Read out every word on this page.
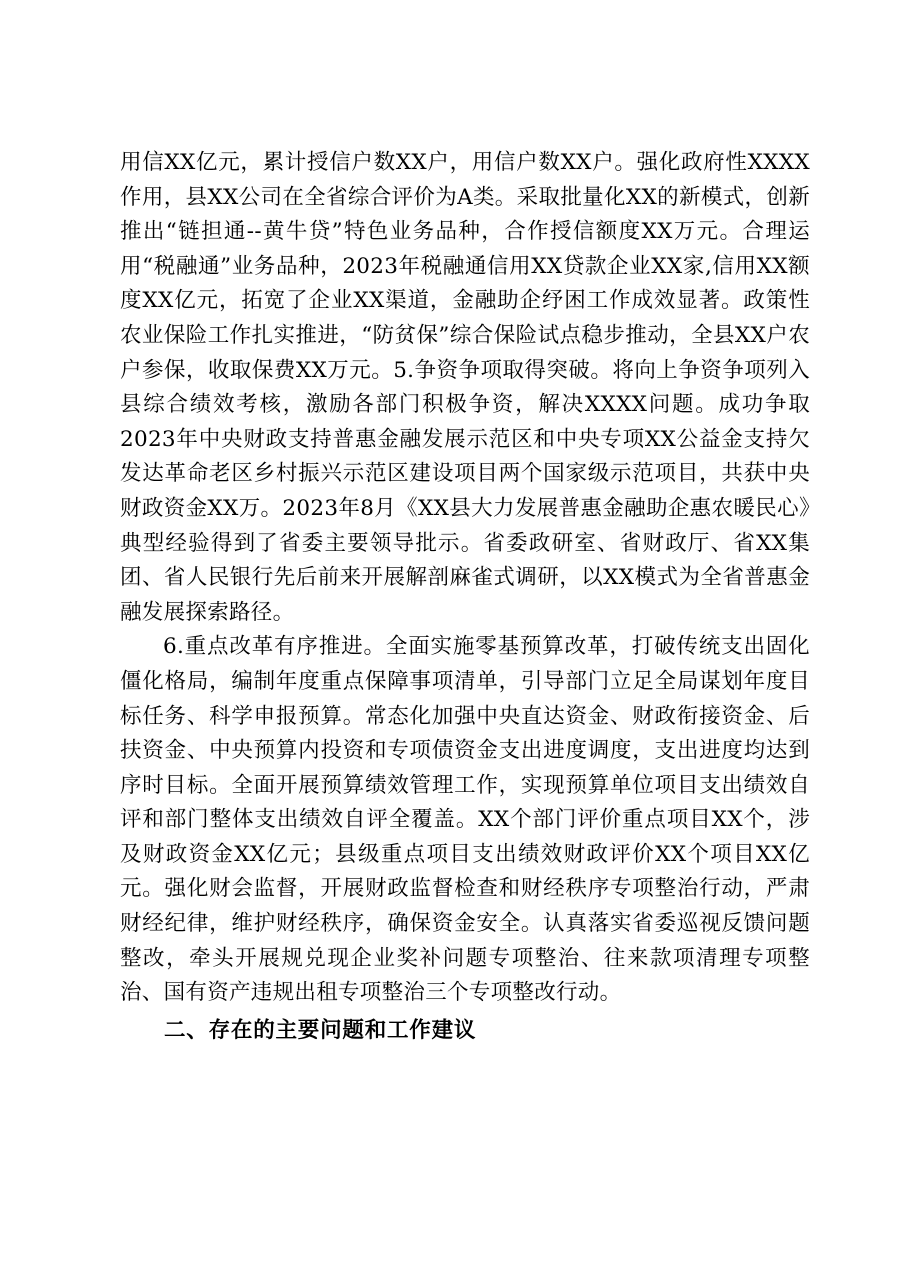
用信XX亿元，累计授信户数XX户，用信户数XX户。强化政府性XXXX作用，县XX公司在全省综合评价为A类。采取批量化XX的新模式，创新推出“链担通--黄牛贷”特色业务品种，合作授信额度XX万元。合理运用“税融通”业务品种，2023年税融通信用XX贷款企业XX家,信用XX额度XX亿元，拓宽了企业XX渠道，金融助企纾困工作成效显著。政策性农业保险工作扎实推进，“防贫保”综合保险试点稳步推动，全县XX户农户参保，收取保费XX万元。5.争资争项取得突破。将向上争资争项列入县综合绩效考核，激励各部门积极争资，解决XXXX问题。成功争取2023年中央财政支持普惠金融发展示范区和中央专项XX公益金支持欠发达革命老区乡村振兴示范区建设项目两个国家级示范项目，共获中央财政资金XX万。2023年8月《XX县大力发展普惠金融助企惠农暖民心》典型经验得到了省委主要领导批示。省委政研室、省财政厅、省XX集团、省人民银行先后前来开展解剖麻雀式调研，以XX模式为全省普惠金融发展探索路径。

6.重点改革有序推进。全面实施零基预算改革，打破传统支出固化僵化格局，编制年度重点保障事项清单，引导部门立足全局谋划年度目标任务、科学申报预算。常态化加强中央直达资金、财政衔接资金、后扶资金、中央预算内投资和专项债资金支出进度调度，支出进度均达到序时目标。全面开展预算绩效管理工作，实现预算单位项目支出绩效自评和部门整体支出绩效自评全覆盖。XX个部门评价重点项目XX个，涉及财政资金XX亿元；县级重点项目支出绩效财政评价XX个项目XX亿元。强化财会监督，开展财政监督检查和财经秩序专项整治行动，严肃财经纪律，维护财经秩序，确保资金安全。认真落实省委巡视反馈问题整改，牵头开展规兑现企业奖补问题专项整治、往来款项清理专项整治、国有资产违规出租专项整治三个专项整改行动。

二、存在的主要问题和工作建议
